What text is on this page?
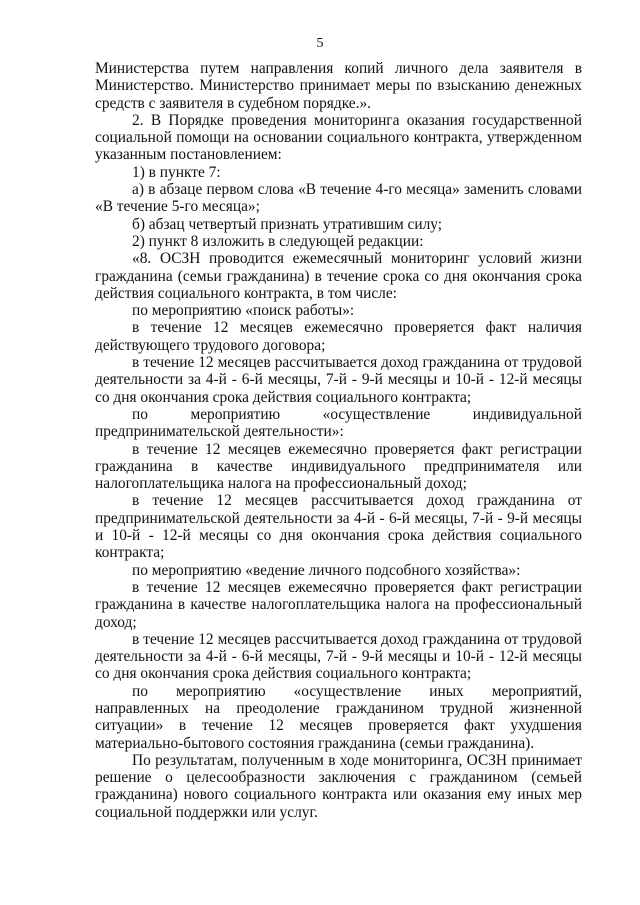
5

Министерства путем направления копий личного дела заявителя в Министерство. Министерство принимает меры по взысканию денежных средств с заявителя в судебном порядке.».

2. В Порядке проведения мониторинга оказания государственной социальной помощи на основании социального контракта, утвержденном указанным постановлением:

1) в пункте 7:

а) в абзаце первом слова «В течение 4-го месяца» заменить словами «В течение 5-го месяца»;

б) абзац четвертый признать утратившим силу;

2) пункт 8 изложить в следующей редакции:

«8. ОСЗН проводится ежемесячный мониторинг условий жизни гражданина (семьи гражданина) в течение срока со дня окончания срока действия социального контракта, в том числе:

по мероприятию «поиск работы»:

в течение 12 месяцев ежемесячно проверяется факт наличия действующего трудового договора;

в течение 12 месяцев рассчитывается доход гражданина от трудовой деятельности за 4-й - 6-й месяцы, 7-й - 9-й месяцы и 10-й - 12-й месяцы со дня окончания срока действия социального контракта;

по мероприятию «осуществление индивидуальной предпринимательской деятельности»:

в течение 12 месяцев ежемесячно проверяется факт регистрации гражданина в качестве индивидуального предпринимателя или налогоплательщика налога на профессиональный доход;

в течение 12 месяцев рассчитывается доход гражданина от предпринимательской деятельности за 4-й - 6-й месяцы, 7-й - 9-й месяцы и 10-й - 12-й месяцы со дня окончания срока действия социального контракта;

по мероприятию «ведение личного подсобного хозяйства»:

в течение 12 месяцев ежемесячно проверяется факт регистрации гражданина в качестве налогоплательщика налога на профессиональный доход;

в течение 12 месяцев рассчитывается доход гражданина от трудовой деятельности за 4-й - 6-й месяцы, 7-й - 9-й месяцы и 10-й - 12-й месяцы со дня окончания срока действия социального контракта;

по мероприятию «осуществление иных мероприятий, направленных на преодоление гражданином трудной жизненной ситуации» в течение 12 месяцев проверяется факт ухудшения материально-бытового состояния гражданина (семьи гражданина).

По результатам, полученным в ходе мониторинга, ОСЗН принимает решение о целесообразности заключения с гражданином (семьей гражданина) нового социального контракта или оказания ему иных мер социальной поддержки или услуг.
